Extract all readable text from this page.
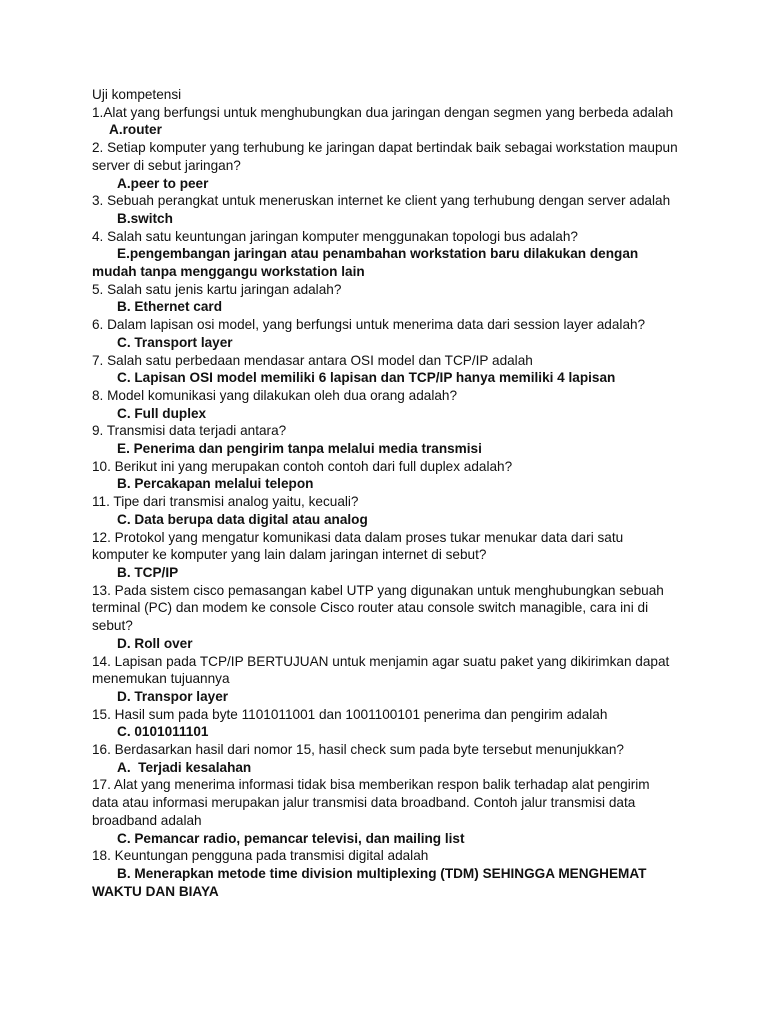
Uji kompetensi

1.Alat yang berfungsi untuk menghubungkan dua jaringan dengan segmen yang berbeda adalah

A.router

2. Setiap komputer yang terhubung ke jaringan dapat bertindak baik sebagai workstation maupun server di sebut jaringan?

A.peer to peer

3. Sebuah perangkat untuk meneruskan internet ke client yang terhubung dengan server adalah

B.switch

4. Salah satu keuntungan jaringan komputer menggunakan topologi bus adalah?

E.pengembangan jaringan atau penambahan workstation baru dilakukan dengan mudah tanpa menggangu workstation lain

5. Salah satu jenis kartu jaringan adalah?

B. Ethernet card

6. Dalam lapisan osi model, yang berfungsi untuk menerima data dari session layer adalah?

C. Transport layer

7. Salah satu perbedaan mendasar antara OSI model dan TCP/IP adalah

C. Lapisan OSI model memiliki 6 lapisan dan TCP/IP hanya memiliki 4 lapisan

8. Model komunikasi yang dilakukan oleh dua orang adalah?

C. Full duplex

9. Transmisi data terjadi antara?

E. Penerima dan pengirim tanpa melalui media transmisi

10. Berikut ini yang merupakan contoh contoh dari full duplex adalah?

B. Percakapan melalui telepon

11. Tipe dari transmisi analog yaitu, kecuali?

C. Data berupa data digital atau analog

12. Protokol yang mengatur komunikasi data dalam proses tukar menukar data dari satu komputer ke komputer yang lain dalam jaringan internet di sebut?

B. TCP/IP

13. Pada sistem cisco pemasangan kabel UTP yang digunakan untuk menghubungkan sebuah terminal (PC) dan modem ke console Cisco router atau console switch managible, cara ini di sebut?

D. Roll over

14. Lapisan pada TCP/IP BERTUJUAN untuk menjamin agar suatu paket yang dikirimkan dapat menemukan tujuannya

D. Transpor layer

15. Hasil sum pada byte 1101011001 dan 1001100101 penerima dan pengirim adalah

C. 0101011101

16. Berdasarkan hasil dari nomor 15, hasil check sum pada byte tersebut menunjukkan?

A.  Terjadi kesalahan

17. Alat yang menerima informasi tidak bisa memberikan respon balik terhadap alat pengirim data atau informasi merupakan jalur transmisi data broadband. Contoh jalur transmisi data broadband adalah

C. Pemancar radio, pemancar televisi, dan mailing list

18. Keuntungan pengguna pada transmisi digital adalah

B. Menerapkan metode time division multiplexing (TDM) SEHINGGA MENGHEMAT WAKTU DAN BIAYA
